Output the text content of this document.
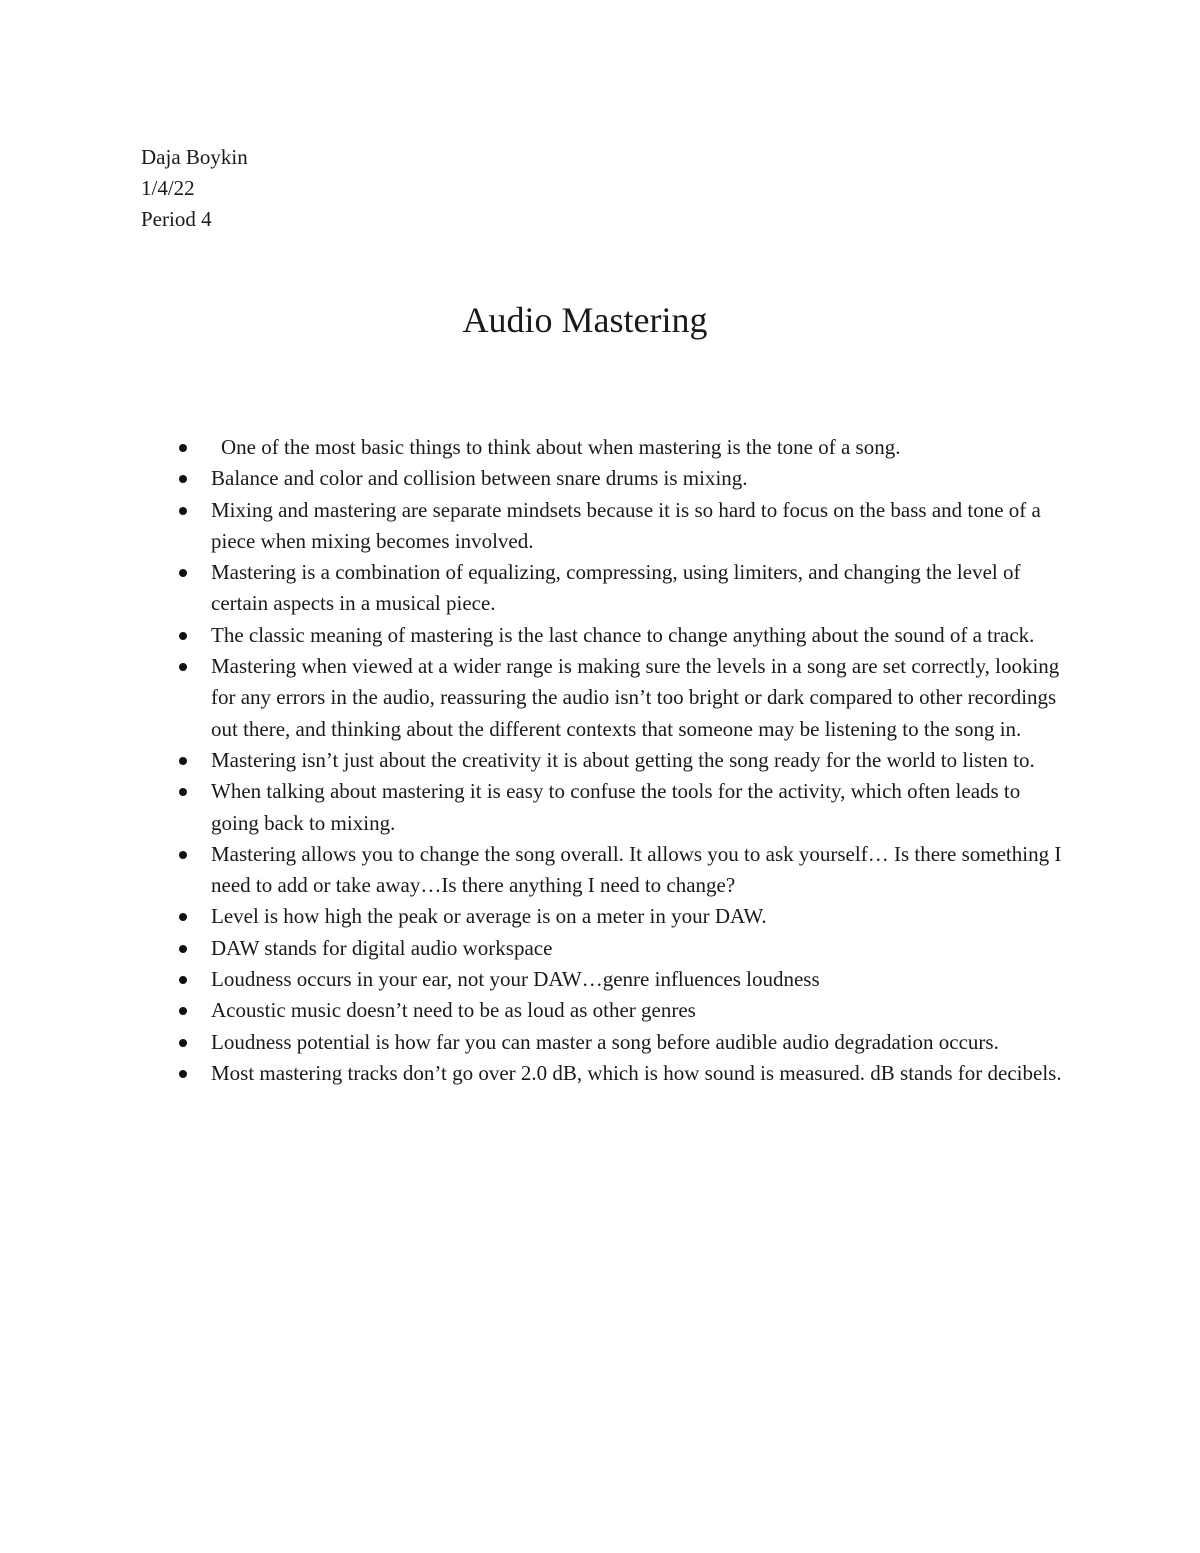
Daja Boykin
1/4/22
Period 4
Audio Mastering
One of the most basic things to think about when mastering is the tone of a song.
Balance and color and collision between snare drums is mixing.
Mixing and mastering are separate mindsets because it is so hard to focus on the bass and tone of a piece when mixing becomes involved.
Mastering is a combination of equalizing, compressing, using limiters, and changing the level of certain aspects in a musical piece.
The classic meaning of mastering is the last chance to change anything about the sound of a track.
Mastering when viewed at a wider range is making sure the levels in a song are set correctly, looking for any errors in the audio, reassuring the audio isn’t too bright or dark compared to other recordings out there, and thinking about the different contexts that someone may be listening to the song in.
Mastering isn’t just about the creativity it is about getting the song ready for the world to listen to.
When talking about mastering it is easy to confuse the tools for the activity, which often leads to going back to mixing.
Mastering allows you to change the song overall. It allows you to ask yourself… Is there something I need to add or take away…Is there anything I need to change?
Level is how high the peak or average is on a meter in your DAW.
DAW stands for digital audio workspace
Loudness occurs in your ear, not your DAW…genre influences loudness
Acoustic music doesn’t need to be as loud as other genres
Loudness potential is how far you can master a song before audible audio degradation occurs.
Most mastering tracks don’t go over 2.0 dB, which is how sound is measured. dB stands for decibels.
